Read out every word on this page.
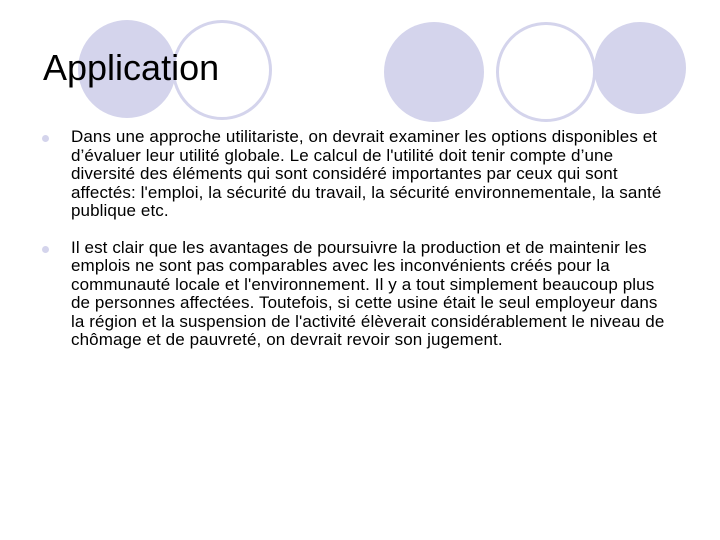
Application
Dans une approche utilitariste, on devrait examiner les options disponibles et d’évaluer leur utilité globale. Le calcul de l'utilité doit tenir compte d’une diversité des éléments qui sont considéré importantes par ceux qui sont affectés: l'emploi, la sécurité du travail, la sécurité environnementale, la santé publique etc.
Il est clair que les avantages de poursuivre la production et de maintenir les emplois ne sont pas comparables avec les inconvénients créés pour la communauté locale et l'environnement. Il y a tout simplement beaucoup plus de personnes affectées. Toutefois, si cette usine était le seul employeur dans la région et la suspension de l'activité élèverait considérablement le niveau de chômage et de pauvreté, on devrait revoir son jugement.
